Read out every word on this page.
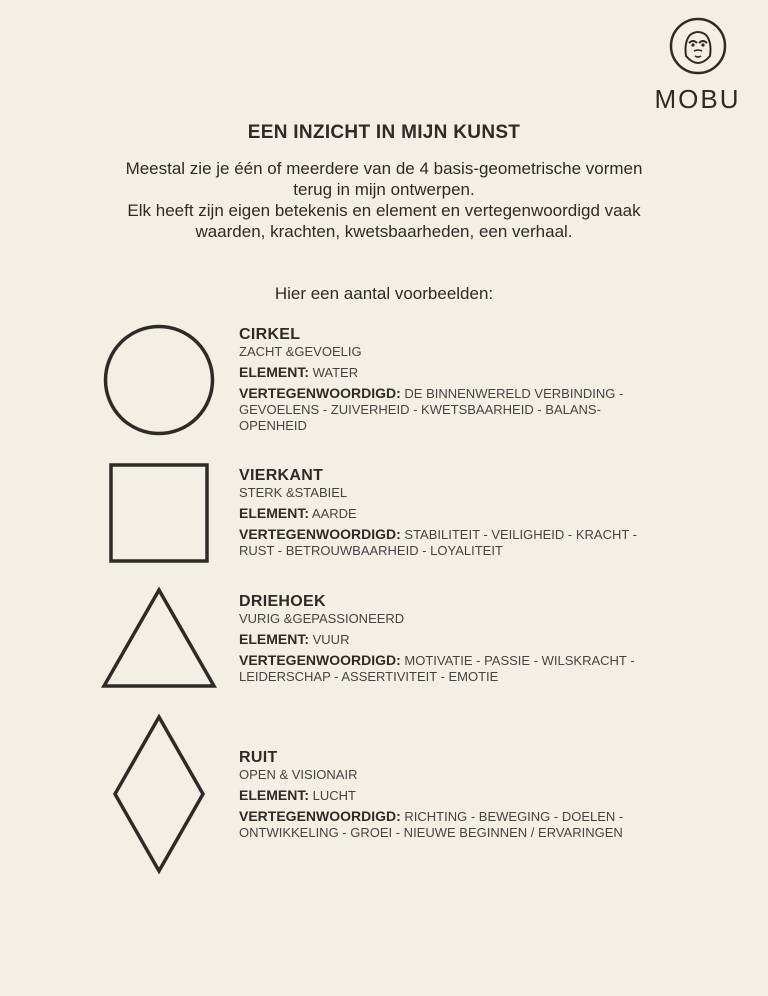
MOBU
EEN INZICHT IN MIJN KUNST

Meestal zie je één of meerdere van de 4 basis-geometrische vormen terug in mijn ontwerpen.

Elk heeft zijn eigen betekenis en element en vertegenwoordigd vaak waarden, krachten, kwetsbaarheden, een verhaal.

Hier een aantal voorbeelden:
CIRKEL
ZACHT &GEVOELIG
ELEMENT: WATER
VERTEGENWOORDIGD: DE BINNENWERELD VERBINDING - GEVOELENS - ZUIVERHEID - KWETSBAARHEID - BALANS- OPENHEID
VIERKANT
STERK &STABIEL
ELEMENT: AARDE
VERTEGENWOORDIGD: STABILITEIT - VEILIGHEID - KRACHT - RUST - BETROUWBAARHEID - LOYALITEIT
DRIEHOEK
VURIG &GEPASSIONEERD
ELEMENT: VUUR
VERTEGENWOORDIGD: MOTIVATIE - PASSIE - WILSKRACHT - LEIDERSCHAP - ASSERTIVITEIT - EMOTIE
RUIT
OPEN & VISIONAIR
ELEMENT: LUCHT
VERTEGENWOORDIGD: RICHTING - BEWEGING - DOELEN - ONTWIKKELING - GROEI - NIEUWE BEGINNEN / ERVARINGEN
